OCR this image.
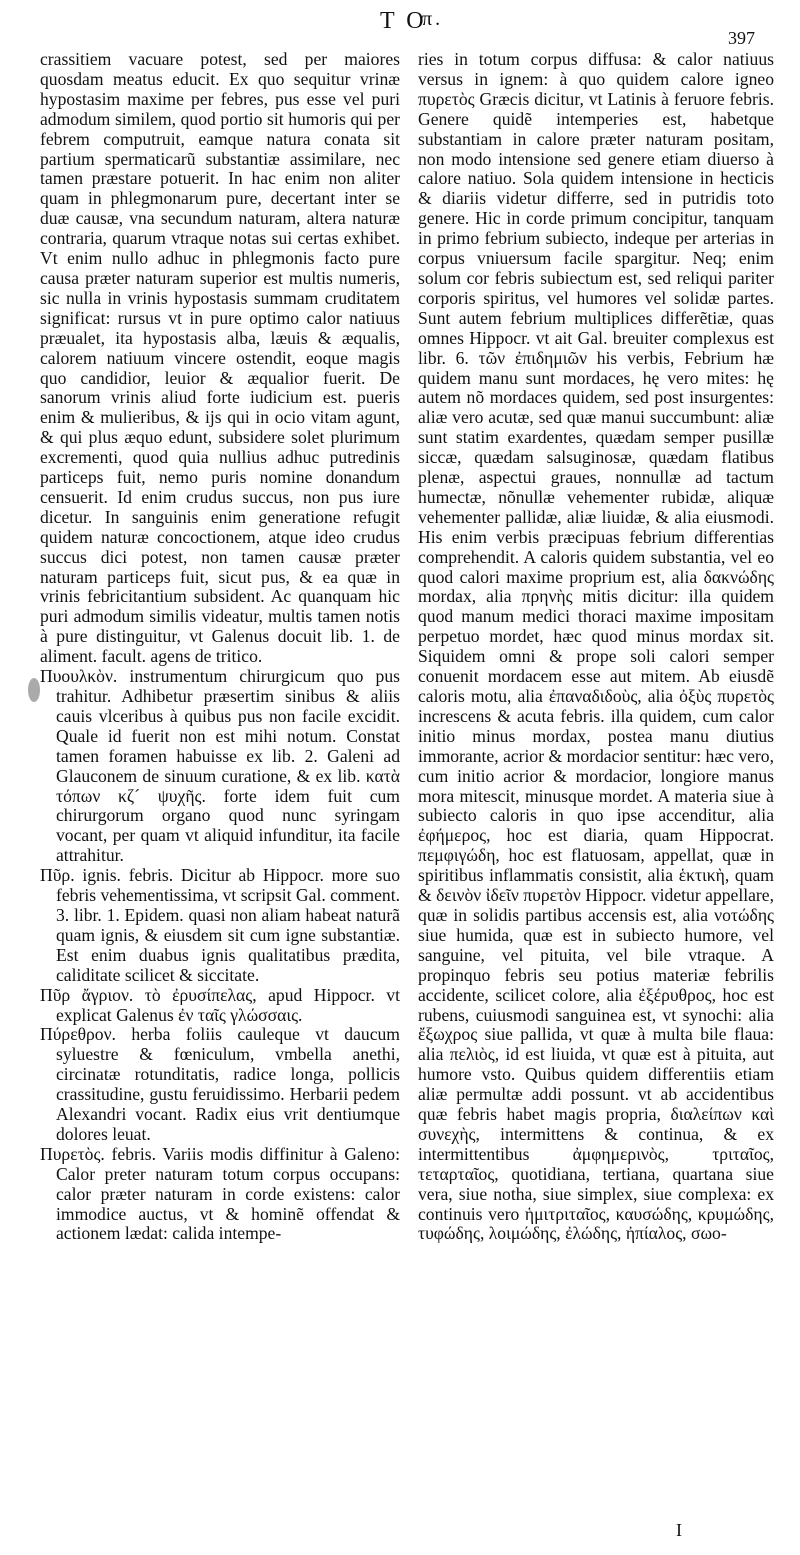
T O
π.
397

crassitiem vacuare potest, sed per maiores quosdam meatus educit. Ex quo sequitur vrinæ hypostasim maxime per febres, pus esse vel puri admodum similem, quod portio sit humoris qui per febrem computruit, eamque natura conata sit partium spermaticarũ substantiæ assimilare, nec tamen præstare potuerit. In hac enim non aliter quam in phlegmonarum pure, decertant inter se duæ causæ, vna secundum naturam, altera naturæ contraria, quarum vtraque notas sui certas exhibet. Vt enim nullo adhuc in phlegmonis facto pure causa præter naturam superior est multis numeris, sic nulla in vrinis hypostasis summam cruditatem significat: rursus vt in pure optimo calor natiuus præualet, ita hypostasis alba, læuis & æqualis, calorem natiuum vincere ostendit, eoque magis quo candidior, leuior & æqualior fuerit. De sanorum vrinis aliud forte iudicium est. pueris enim & mulieribus, & ijs qui in ocio vitam agunt, & qui plus æquo edunt, subsidere solet plurimum excrementi, quod quia nullius adhuc putredinis particeps fuit, nemo puris nomine donandum censuerit. Id enim crudus succus, non pus iure dicetur. In sanguinis enim generatione refugit quidem naturæ concoctionem, atque ideo crudus succus dici potest, non tamen causæ præter naturam particeps fuit, sicut pus, & ea quæ in vrinis febricitantium subsident. Ac quanquam hic puri admodum similis videatur, multis tamen notis à pure distinguitur, vt Galenus docuit lib. 1. de aliment. facult. agens de tritico.

Πυουλκὸν. instrumentum chirurgicum quo pus trahitur. Adhibetur præsertim sinibus & aliis cauis vlceribus à quibus pus non facile excidit. Quale id fuerit non est mihi notum. Constat tamen foramen habuisse ex lib. 2. Galeni ad Glauconem de sinuum curatione, & ex lib. κατὰ τόπων κζ´ ψυχῆς. forte idem fuit cum chirurgorum organo quod nunc syringam vocant, per quam vt aliquid infunditur, ita facile attrahitur.

Πῦρ. ignis. febris. Dicitur ab Hippocr. more suo febris vehementissima, vt scripsit Gal. comment. 3. libr. 1. Epidem. quasi non aliam habeat naturã quam ignis, & eiusdem sit cum igne substantiæ. Est enim duabus ignis qualitatibus prædita, caliditate scilicet & siccitate.

Πῦρ ἄγριον. τὸ ἐρυσίπελας, apud Hippocr. vt explicat Galenus ἐν ταῖς γλώσσαις.

Πύρεθρον. herba foliis cauleque vt daucum syluestre & fœniculum, vmbella anethi, circinatæ rotunditatis, radice longa, pollicis crassitudine, gustu feruidissimo. Herbarii pedem Alexandri vocant. Radix eius vrit dentiumque dolores leuat.

Πυρετὸς. febris. Variis modis diffinitur à Galeno: Calor preter naturam totum corpus occupans: calor præter naturam in corde existens: calor immodice auctus, vt & hominẽ offendat & actionem lædat: calida intempe-

ries in totum corpus diffusa: & calor natiuus versus in ignem: à quo quidem calore igneo πυρετὸς Græcis dicitur, vt Latinis à feruore febris. Genere quidẽ intemperies est, habetque substantiam in calore præter naturam positam, non modo intensione sed genere etiam diuerso à calore natiuo. Sola quidem intensione in hecticis & diariis videtur differre, sed in putridis toto genere. Hic in corde primum concipitur, tanquam in primo febrium subiecto, indeque per arterias in corpus vniuersum facile spargitur. Neq; enim solum cor febris subiectum est, sed reliqui pariter corporis spiritus, vel humores vel solidæ partes. Sunt autem febrium multiplices differẽtiæ, quas omnes Hippocr. vt ait Gal. breuiter complexus est libr. 6. τῶν ἐπιδημιῶν his verbis, Febrium hæ quidem manu sunt mordaces, hę vero mites: hę autem nõ mordaces quidem, sed post insurgentes: aliæ vero acutæ, sed quæ manui succumbunt: aliæ sunt statim exardentes, quædam semper pusillæ siccæ, quædam salsuginosæ, quædam flatibus plenæ, aspectui graues, nonnullæ ad tactum humectæ, nõnullæ vehementer rubidæ, aliquæ vehementer pallidæ, aliæ liuidæ, & alia eiusmodi. His enim verbis præcipuas febrium differentias comprehendit. A caloris quidem substantia, vel eo quod calori maxime proprium est, alia δακνώδης mordax, alia πρηνὴς mitis dicitur: illa quidem quod manum medici thoraci maxime impositam perpetuo mordet, hæc quod minus mordax sit. Siquidem omni & prope soli calori semper conuenit mordacem esse aut mitem. Ab eiusdẽ caloris motu, alia ἐπαναδιδοὺς, alia ὀξὺς πυρετὸς increscens & acuta febris. illa quidem, cum calor initio minus mordax, postea manu diutius immorante, acrior & mordacior sentitur: hæc vero, cum initio acrior & mordacior, longiore manus mora mitescit, minusque mordet. A materia siue à subiecto caloris in quo ipse accenditur, alia ἐφήμερος, hoc est diaria, quam Hippocrat. πεμφιγώδη, hoc est flatuosam, appellat, quæ in spiritibus inflammatis consistit, alia ἑκτικὴ, quam & δεινὸν ἰδεῖν πυρετὸν Hippocr. videtur appellare, quæ in solidis partibus accensis est, alia νοτώδης siue humida, quæ est in subiecto humore, vel sanguine, vel pituita, vel bile vtraque. A propinquo febris seu potius materiæ febrilis accidente, scilicet colore, alia ἐξέρυθρος, hoc est rubens, cuiusmodi sanguinea est, vt synochi: alia ἔξωχρος siue pallida, vt quæ à multa bile flaua: alia πελιὸς, id est liuida, vt quæ est à pituita, aut humore vsto. Quibus quidem differentiis etiam aliæ permultæ addi possunt. vt ab accidentibus quæ febris habet magis propria, διαλείπων καὶ συνεχὴς, intermittens & continua, & ex intermittentibus ἀμφημερινὸς, τριταῖος, τεταρταῖος, quotidiana, tertiana, quartana siue vera, siue notha, siue simplex, siue complexa: ex continuis vero ἡμιτριταῖος, καυσώδης, κρυμώδης, τυφώδης, λοιμώδης, ἐλώδης, ἠπίαλος, σωο-

I
